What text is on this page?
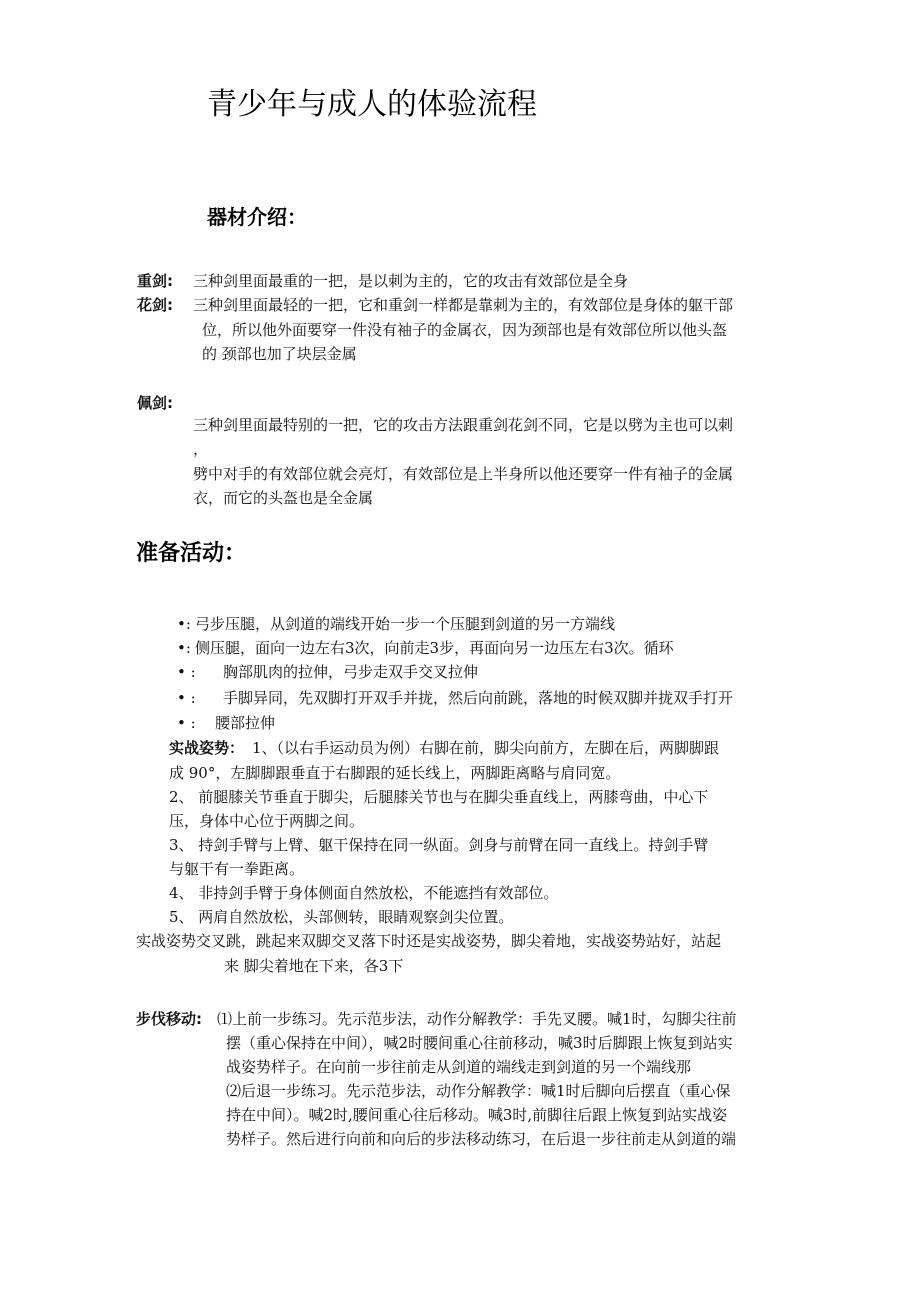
青少年与成人的体验流程
器材介绍：
重剑: 三种剑里面最重的一把，是以刺为主的，它的攻击有效部位是全身
花剑: 三种剑里面最轻的一把，它和重剑一样都是靠刺为主的，有效部位是身体的躯干部
位，所以他外面要穿一件没有袖子的金属衣，因为颈部也是有效部位所以他头盔
的 颈部也加了块层金属
佩剑:
三种剑里面最特别的一把，它的攻击方法跟重剑花剑不同，它是以劈为主也可以刺
，
劈中对手的有效部位就会亮灯，有效部位是上半身所以他还要穿一件有袖子的金属
衣，而它的头盔也是全金属
准备活动：
•: 弓步压腿，从剑道的端线开始一步一个压腿到剑道的另一方端线
•: 侧压腿，面向一边左右3次，向前走3步，再面向另一边压左右3次。循环
• : 胸部肌肉的拉伸，弓步走双手交叉拉伸
• : 手脚异同，先双脚打开双手并拢，然后向前跳，落地的时候双脚并拢双手打开
• : 腰部拉伸
实战姿势： 1、（以右手运动员为例）右脚在前，脚尖向前方，左脚在后，两脚脚跟
成 90°，左脚脚跟垂直于右脚跟的延长线上，两脚距离略与肩同宽。
2、 前腿膝关节垂直于脚尖，后腿膝关节也与在脚尖垂直线上，两膝弯曲，中心下
压，身体中心位于两脚之间。
3、 持剑手臂与上臂、躯干保持在同一纵面。剑身与前臂在同一直线上。持剑手臂
与躯干有一拳距离。
4、 非持剑手臂于身体侧面自然放松，不能遮挡有效部位。
5、 两肩自然放松，头部侧转，眼睛观察剑尖位置。
实战姿势交叉跳，跳起来双脚交叉落下时还是实战姿势，脚尖着地，实战姿势站好，站起
来 脚尖着地在下来，各3下
步伐移动: ⑴上前一步练习。先示范步法，动作分解教学：手先叉腰。喊1时，勾脚尖往前
摆（重心保持在中间），喊2时腰间重心往前移动，喊3时后脚跟上恢复到站实
战姿势样子。在向前一步往前走从剑道的端线走到剑道的另一个端线那
⑵后退一步练习。先示范步法，动作分解教学：喊1时后脚向后摆直（重心保
持在中间）。喊2时,腰间重心往后移动。喊3时,前脚往后跟上恢复到站实战姿
势样子。然后进行向前和向后的步法移动练习，在后退一步往前走从剑道的端
